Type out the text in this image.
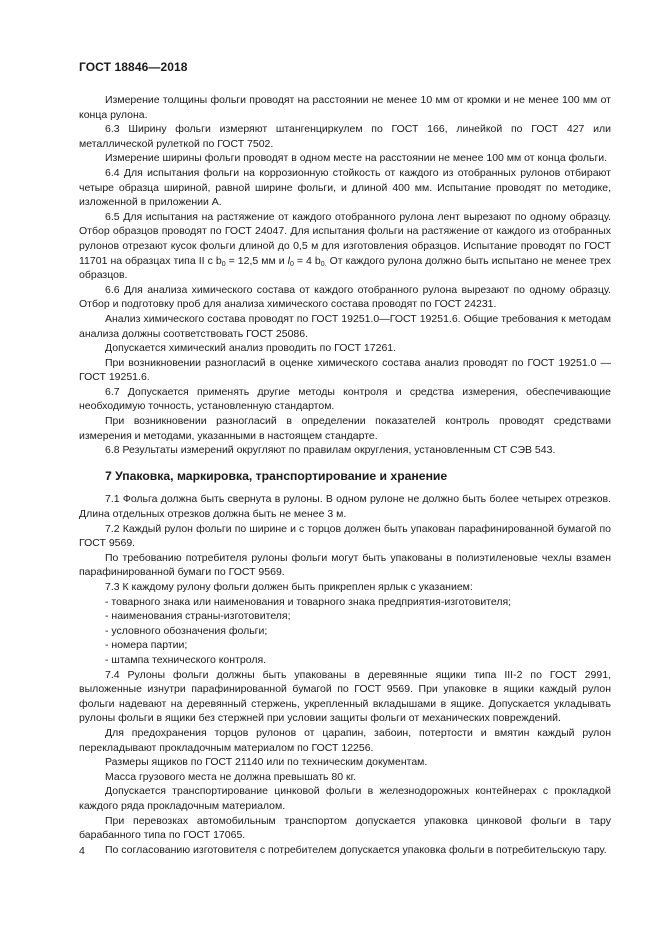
ГОСТ 18846—2018

Измерение толщины фольги проводят на расстоянии не менее 10 мм от кромки и не менее 100 мм от конца рулона.

6.3 Ширину фольги измеряют штангенциркулем по ГОСТ 166, линейкой по ГОСТ 427 или металлической рулеткой по ГОСТ 7502.

Измерение ширины фольги проводят в одном месте на расстоянии не менее 100 мм от конца фольги.

6.4 Для испытания фольги на коррозионную стойкость от каждого из отобранных рулонов отбирают четыре образца шириной, равной ширине фольги, и длиной 400 мм. Испытание проводят по методике, изложенной в приложении А.

6.5 Для испытания на растяжение от каждого отобранного рулона лент вырезают по одному образцу. Отбор образцов проводят по ГОСТ 24047. Для испытания фольги на растяжение от каждого из отобранных рулонов отрезают кусок фольги длиной до 0,5 м для изготовления образцов. Испытание проводят по ГОСТ 11701 на образцах типа II с $b_0 = 12,5$ мм и $l_0 = 4$ $b_{0.}$ От каждого рулона должно быть испытано не менее трех образцов.

6.6 Для анализа химического состава от каждого отобранного рулона вырезают по одному образцу. Отбор и подготовку проб для анализа химического состава проводят по ГОСТ 24231.

Анализ химического состава проводят по ГОСТ 19251.0—ГОСТ 19251.6. Общие требования к методам анализа должны соответствовать ГОСТ 25086.

Допускается химический анализ проводить по ГОСТ 17261.

При возникновении разногласий в оценке химического состава анализ проводят по ГОСТ 19251.0 — ГОСТ 19251.6.

6.7 Допускается применять другие методы контроля и средства измерения, обеспечивающие необходимую точность, установленную стандартом.

При возникновении разногласий в определении показателей контроль проводят средствами измерения и методами, указанными в настоящем стандарте.

6.8 Результаты измерений округляют по правилам округления, установленным СТ СЭВ 543.

7 Упаковка, маркировка, транспортирование и хранение

7.1 Фольга должна быть свернута в рулоны. В одном рулоне не должно быть более четырех отрезков. Длина отдельных отрезков должна быть не менее 3 м.

7.2 Каждый рулон фольги по ширине и с торцов должен быть упакован парафинированной бумагой по ГОСТ 9569.

По требованию потребителя рулоны фольги могут быть упакованы в полиэтиленовые чехлы взамен парафинированной бумаги по ГОСТ 9569.

7.3 К каждому рулону фольги должен быть прикреплен ярлык с указанием:

- товарного знака или наименования и товарного знака предприятия-изготовителя;
- наименования страны-изготовителя;
- условного обозначения фольги;
- номера партии;
- штампа технического контроля.

7.4 Рулоны фольги должны быть упакованы в деревянные ящики типа III-2 по ГОСТ 2991, выложенные изнутри парафинированной бумагой по ГОСТ 9569. При упаковке в ящики каждый рулон фольги надевают на деревянный стержень, укрепленный вкладышами в ящике. Допускается укладывать рулоны фольги в ящики без стержней при условии защиты фольги от механических повреждений.

Для предохранения торцов рулонов от царапин, забоин, потертости и вмятин каждый рулон перекладывают прокладочным материалом по ГОСТ 12256.

Размеры ящиков по ГОСТ 21140 или по техническим документам.

Масса грузового места не должна превышать 80 кг.

Допускается транспортирование цинковой фольги в железнодорожных контейнерах с прокладкой каждого ряда прокладочным материалом.

При перевозках автомобильным транспортом допускается упаковка цинковой фольги в тару барабанного типа по ГОСТ 17065.

По согласованию изготовителя с потребителем допускается упаковка фольги в потребительскую тару.

4
